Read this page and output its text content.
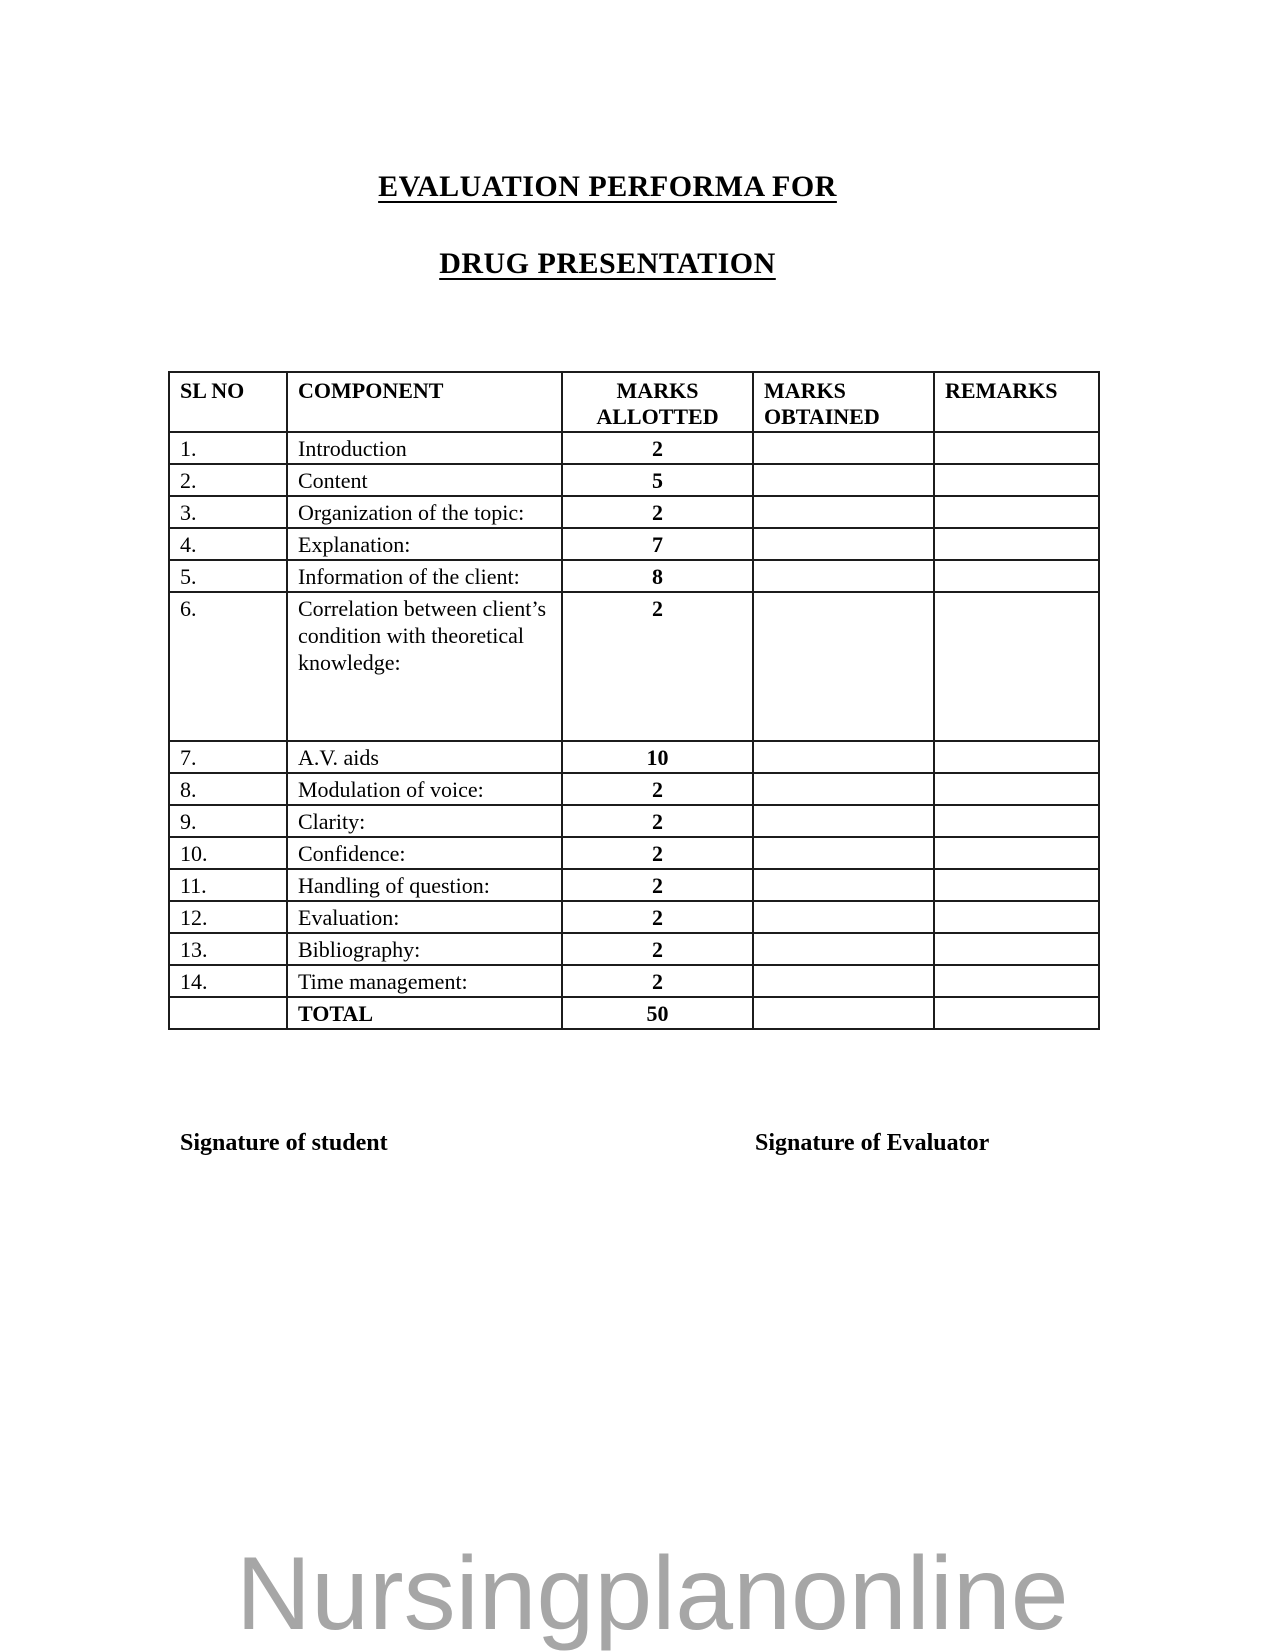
EVALUATION PERFORMA FOR
DRUG PRESENTATION
SL NO	COMPONENT	MARKS ALLOTTED	MARKS OBTAINED	REMARKS
1.	Introduction	2		
2.	Content	5		
3.	Organization of the topic:	2		
4.	Explanation:	7		
5.	Information of the client:	8		
6.	Correlation between client’s condition with theoretical knowledge:	2		
7.	A.V. aids	10		
8.	Modulation of voice:	2		
9.	Clarity:	2		
10.	Confidence:	2		
11.	Handling of question:	2		
12.	Evaluation:	2		
13.	Bibliography:	2		
14.	Time management:	2		
	TOTAL	50		
Signature of student	Signature of Evaluator
Nursingplanonline
